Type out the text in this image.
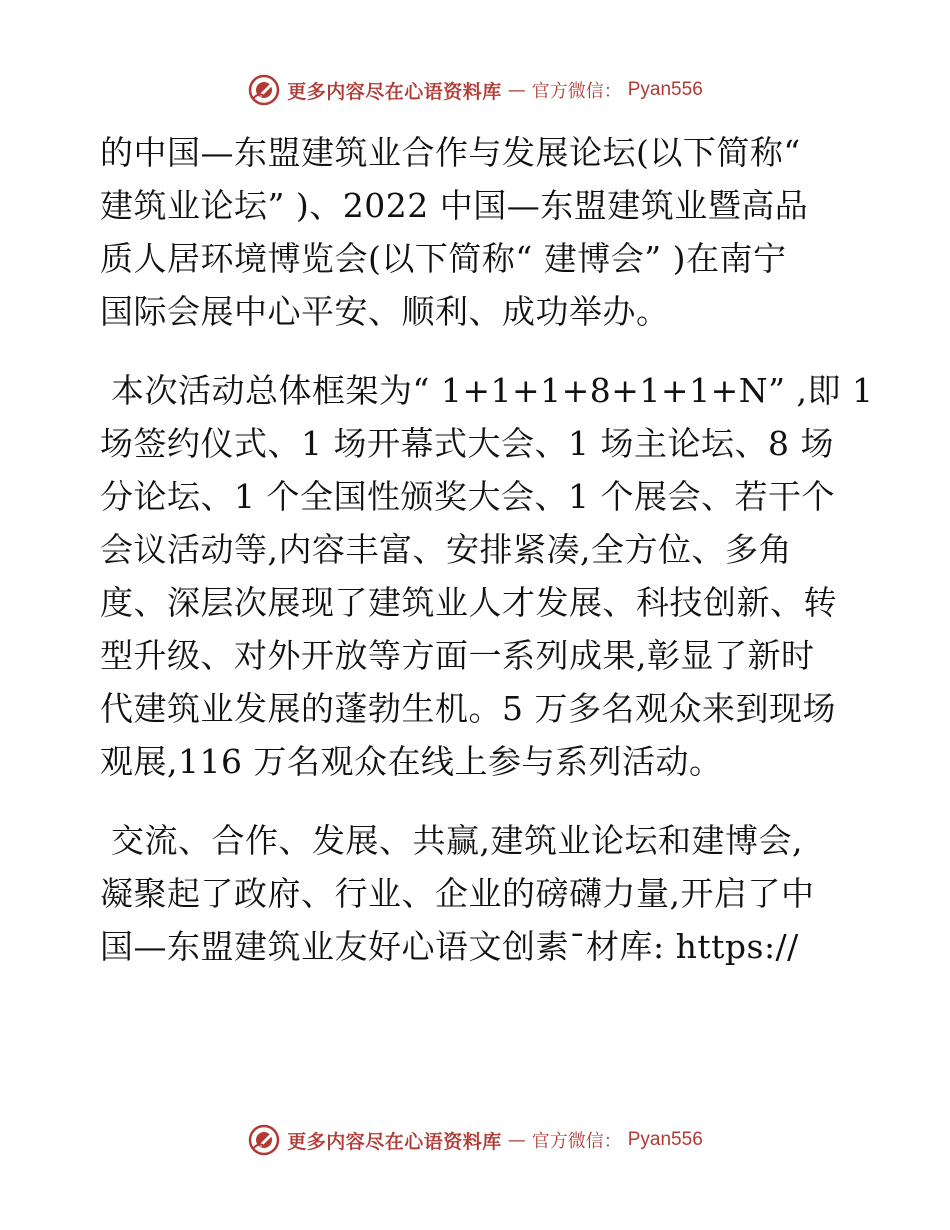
更多内容尽在心语资料库 — 官方微信： Pyan556
的中国—东盟建筑业合作与发展论坛(以下简称“
建筑业论坛” )、2022 中国—东盟建筑业暨高品
质人居环境博览会(以下简称“ 建博会” )在南宁
国际会展中心平安、顺利、成功举办。
本次活动总体框架为“ 1+1+1+8+1+1+N” ,即 1
场签约仪式、1 场开幕式大会、1 场主论坛、8 场
分论坛、1 个全国性颁奖大会、1 个展会、若干个
会议活动等,内容丰富、安排紧凑,全方位、多角
度、深层次展现了建筑业人才发展、科技创新、转
型升级、对外开放等方面一系列成果,彰显了新时
代建筑业发展的蓬勃生机。5 万多名观众来到现场
观展,116 万名观众在线上参与系列活动。
交流、合作、发展、共赢,建筑业论坛和建博会,
凝聚起了政府、行业、企业的磅礴力量,开启了中
国—东盟建筑业友好心语文创素¯材库: https://
更多内容尽在心语资料库 — 官方微信： Pyan556
